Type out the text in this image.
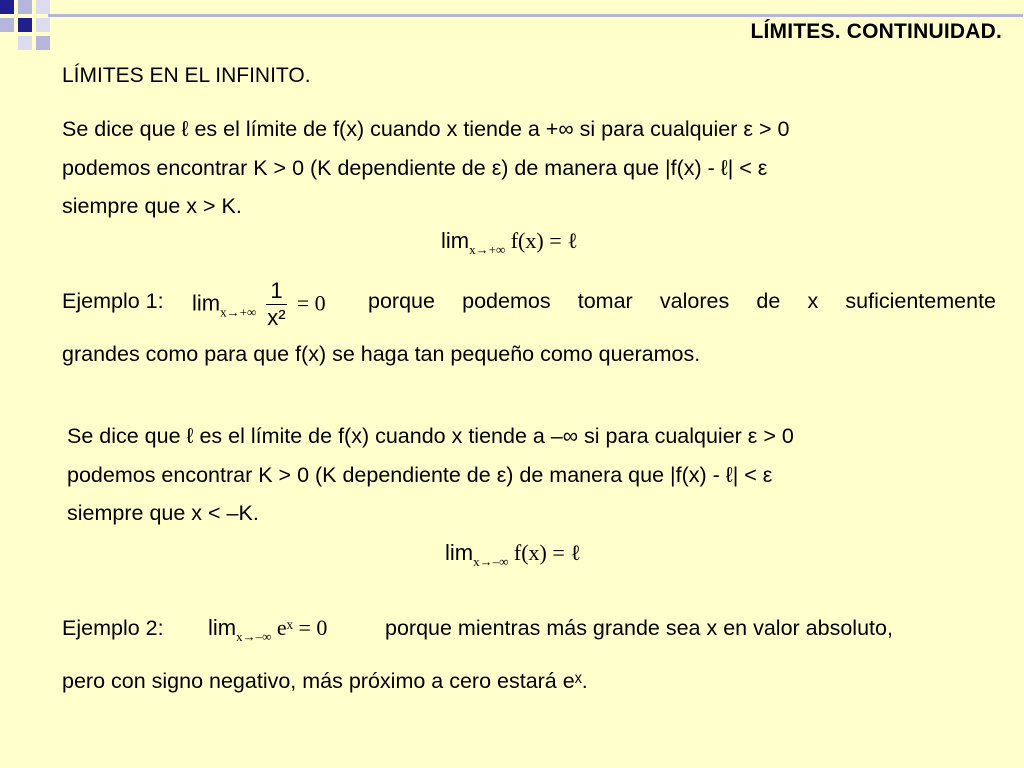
LÍMITES. CONTINUIDAD.
LÍMITES EN EL INFINITO.
Se dice que ℓ es el límite de f(x) cuando x tiende a +∞ si para cualquier ε > 0
podemos encontrar K > 0 (K dependiente de ε) de manera que |f(x) - ℓ| < ε
siempre que x > K.
$\lim_{x\to+\infty} f(x)$ = ℓ
Ejemplo 1: $\lim_{x\to+\infty} \frac{1}{\text{x²}} = 0$ porque podemos tomar valores de x suficientemente
grandes como para que f(x) se haga tan pequeño como queramos.
Se dice que ℓ es el límite de f(x) cuando x tiende a –∞ si para cualquier ε > 0
podemos encontrar K > 0 (K dependiente de ε) de manera que |f(x) - ℓ| < ε
siempre que x < –K.
$\lim_{x\to-\infty} f(x)$ = ℓ
Ejemplo 2: $\lim_{x\to-\infty}$ eˣ = 0	porque mientras más grande sea x en valor absoluto,
pero con signo negativo, más próximo a cero estará eˣ.
